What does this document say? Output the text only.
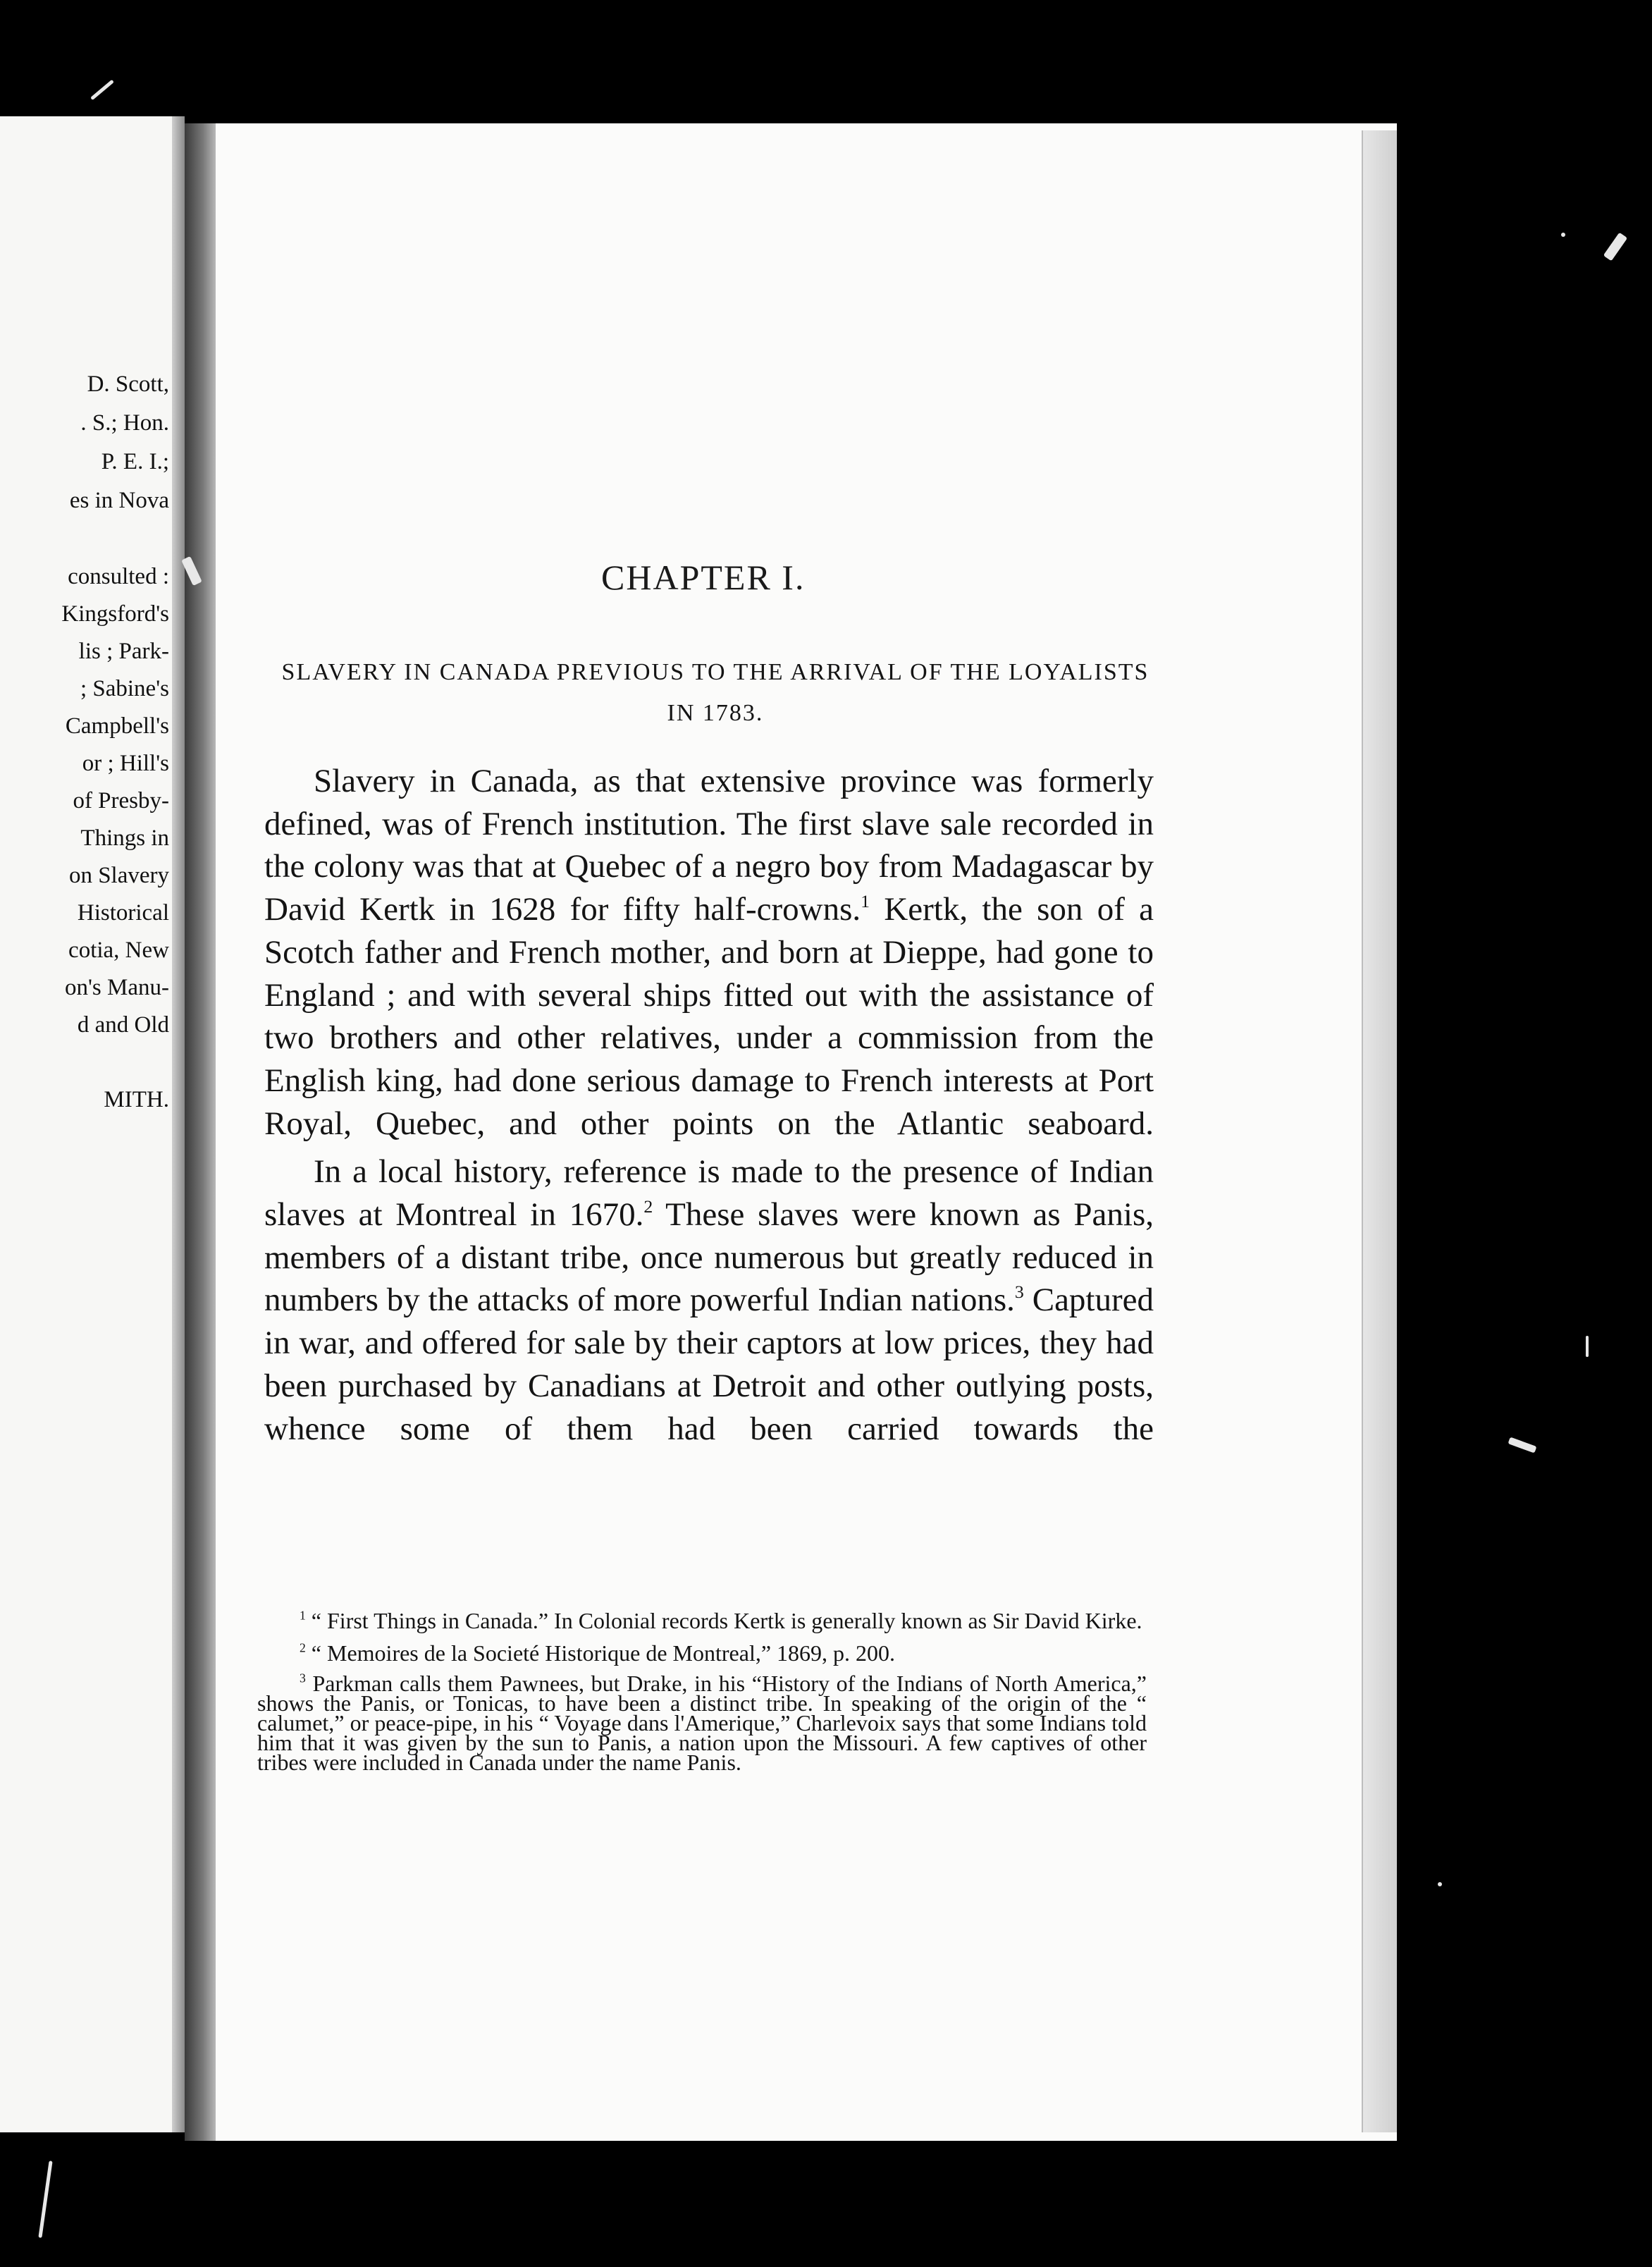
D. Scott,
. S.; Hon.
P. E. I.;
es in Nova
consulted :
Kingsford's
lis ; Park-
; Sabine's
Campbell's
or ; Hill's
of Presby-
Things in
on Slavery
Historical
cotia, New
on's Manu-
d and Old
MITH.
CHAPTER I.
SLAVERY IN CANADA PREVIOUS TO THE ARRIVAL OF THE LOYALISTS IN 1783.

Slavery in Canada, as that extensive province was formerly defined, was of French institution. The first slave sale recorded in the colony was that at Quebec of a negro boy from Madagascar by David Kertk in 1628 for fifty half-crowns.$^1$ Kertk, the son of a Scotch father and French mother, and born at Dieppe, had gone to England ; and with several ships fitted out with the assistance of two brothers and other relatives, under a commission from the English king, had done serious damage to French interests at Port Royal, Quebec, and other points on the Atlantic seaboard.

In a local history, reference is made to the presence of Indian slaves at Montreal in 1670.$^2$ These slaves were known as Panis, members of a distant tribe, once numerous but greatly reduced in numbers by the attacks of more powerful Indian nations.$^3$ Captured in war, and offered for sale by their captors at low prices, they had been purchased by Canadians at Detroit and other outlying posts, whence some of them had been carried towards the

$^1$ “ First Things in Canada.” In Colonial records Kertk is generally known as Sir David Kirke.

$^2$ “ Memoires de la Societé Historique de Montreal,” 1869, p. 200.

$^3$ Parkman calls them Pawnees, but Drake, in his “History of the Indians of North America,” shows the Panis, or Tonicas, to have been a distinct tribe. In speaking of the origin of the “ calumet,” or peace-pipe, in his “ Voyage dans l'Amerique,” Charlevoix says that some Indians told him that it was given by the sun to Panis, a nation upon the Missouri. A few captives of other tribes were included in Canada under the name Panis.
